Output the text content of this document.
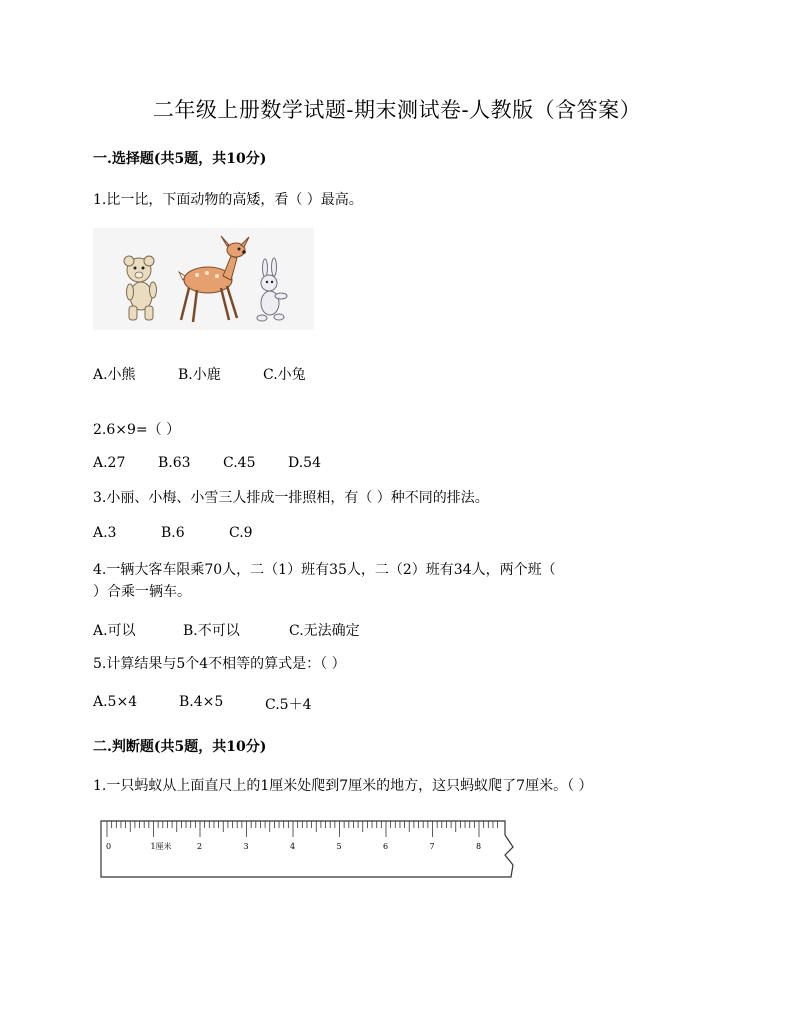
二年级上册数学试题-期末测试卷-人教版（含答案）
一.选择题(共5题，共10分)
1.比一比，下面动物的高矮，看（ ）最高。
A.小熊	B.小鹿	C.小兔
2.6×9=（ ）
A.27	B.63	C.45	D.54
3.小丽、小梅、小雪三人排成一排照相，有（ ）种不同的排法。
A.3	B.6	C.9
4.一辆大客车限乘70人，二（1）班有35人，二（2）班有34人，两个班（
）合乘一辆车。
A.可以	B.不可以	C.无法确定
5.计算结果与5个4不相等的算式是：（ ）
A.5×4	B.4×5	C.5＋4
二.判断题(共5题，共10分)
1.一只蚂蚁从上面直尺上的1厘米处爬到7厘米的地方，这只蚂蚁爬了7厘米。（ ）
0	1厘米	2	3	4	5	6	7	8
